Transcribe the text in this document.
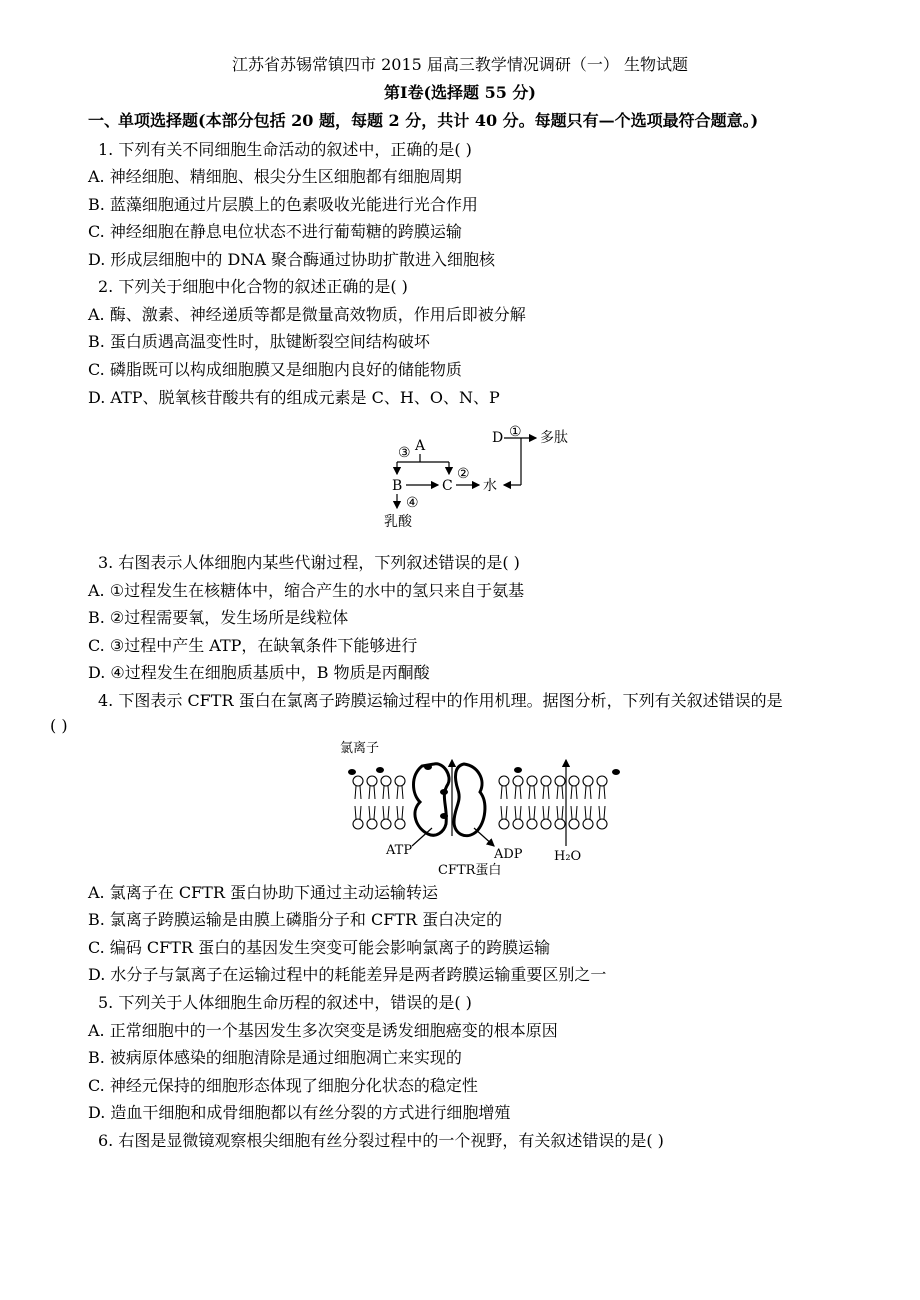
江苏省苏锡常镇四市 2015 届高三教学情况调研（一） 生物试题
第Ⅰ卷(选择题 55 分)
一、单项选择题(本部分包括 20 题，每题 2 分，共计 40 分。每题只有—个选项最符合题意。)
1. 下列有关不同细胞生命活动的叙述中，正确的是( )
A. 神经细胞、精细胞、根尖分生区细胞都有细胞周期
B. 蓝藻细胞通过片层膜上的色素吸收光能进行光合作用
C. 神经细胞在静息电位状态不进行葡萄糖的跨膜运输
D. 形成层细胞中的 DNA 聚合酶通过协助扩散进入细胞核
2. 下列关于细胞中化合物的叙述正确的是( )
A. 酶、激素、神经递质等都是微量高效物质，作用后即被分解
B. 蛋白质遇高温变性时，肽键断裂空间结构破坏
C. 磷脂既可以构成细胞膜又是细胞内良好的储能物质
D. ATP、脱氧核苷酸共有的组成元素是 C、H、O、N、P
③ A
B	C
②
水
④
乳酸
D ① 多肽
3. 右图表示人体细胞内某些代谢过程，下列叙述错误的是( )
A. ①过程发生在核糖体中，缩合产生的水中的氢只来自于氨基
B. ②过程需要氧，发生场所是线粒体
C. ③过程中产生 ATP，在缺氧条件下能够进行
D. ④过程发生在细胞质基质中，B 物质是丙酮酸
4. 下图表示 CFTR 蛋白在氯离子跨膜运输过程中的作用机理。据图分析，下列有关叙述错误的是
( )
氯离子
ATP	ADP
CFTR蛋白
H₂O
A. 氯离子在 CFTR 蛋白协助下通过主动运输转运
B. 氯离子跨膜运输是由膜上磷脂分子和 CFTR 蛋白决定的
C. 编码 CFTR 蛋白的基因发生突变可能会影响氯离子的跨膜运输
D. 水分子与氯离子在运输过程中的耗能差异是两者跨膜运输重要区别之一
5. 下列关于人体细胞生命历程的叙述中，错误的是( )
A. 正常细胞中的一个基因发生多次突变是诱发细胞癌变的根本原因
B. 被病原体感染的细胞清除是通过细胞凋亡来实现的
C. 神经元保持的细胞形态体现了细胞分化状态的稳定性
D. 造血干细胞和成骨细胞都以有丝分裂的方式进行细胞增殖
6. 右图是显微镜观察根尖细胞有丝分裂过程中的一个视野，有关叙述错误的是( )
